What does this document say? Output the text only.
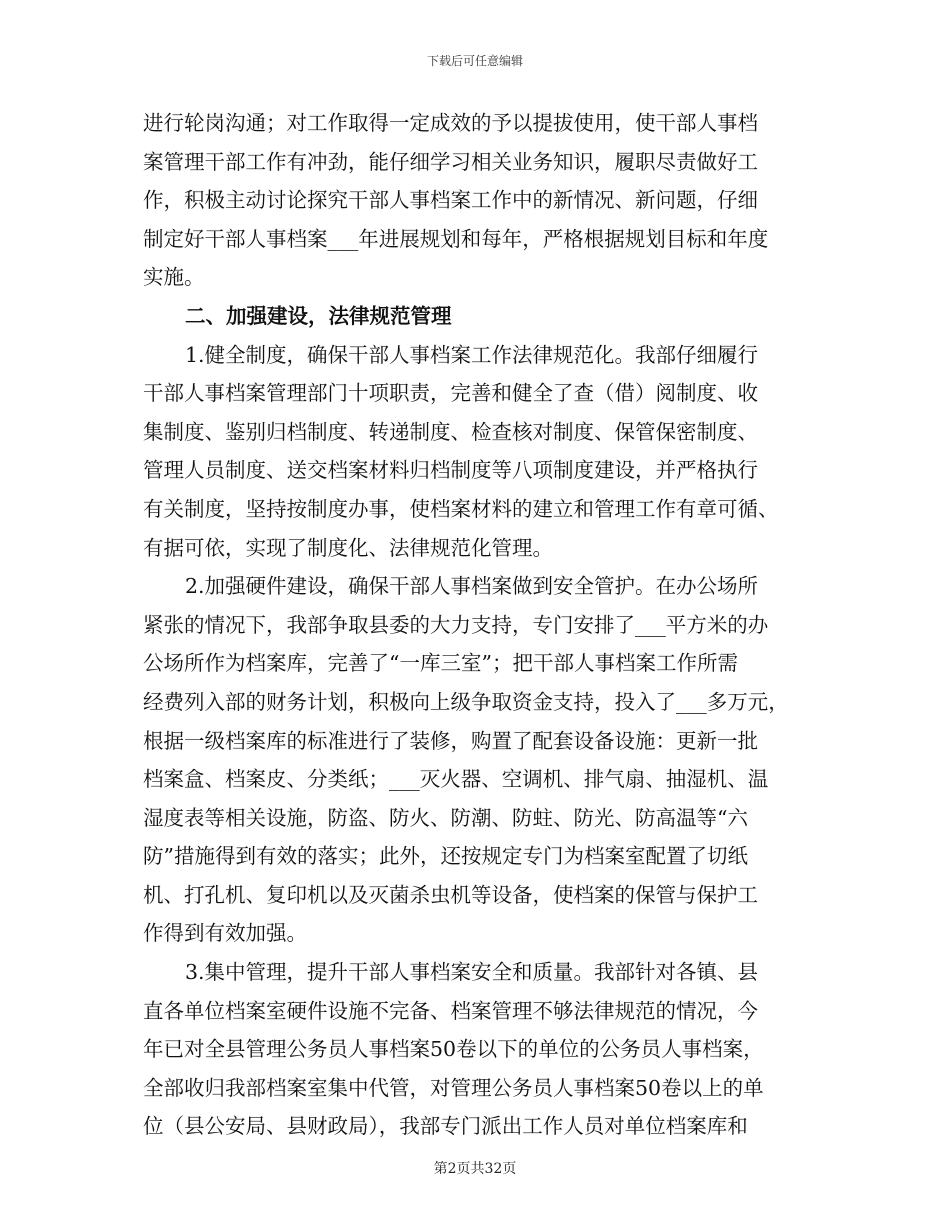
下载后可任意编辑
进行轮岗沟通；对工作取得一定成效的予以提拔使用，使干部人事档
案管理干部工作有冲劲，能仔细学习相关业务知识，履职尽责做好工
作，积极主动讨论探究干部人事档案工作中的新情况、新问题，仔细
制定好干部人事档案___年进展规划和每年，严格根据规划目标和年度
实施。
二、加强建设，法律规范管理
1.健全制度，确保干部人事档案工作法律规范化。我部仔细履行
干部人事档案管理部门十项职责，完善和健全了查（借）阅制度、收
集制度、鉴别归档制度、转递制度、检查核对制度、保管保密制度、
管理人员制度、送交档案材料归档制度等八项制度建设，并严格执行
有关制度，坚持按制度办事，使档案材料的建立和管理工作有章可循、
有据可依，实现了制度化、法律规范化管理。
2.加强硬件建设，确保干部人事档案做到安全管护。在办公场所
紧张的情况下，我部争取县委的大力支持，专门安排了___平方米的办
公场所作为档案库，完善了“一库三室”；把干部人事档案工作所需
经费列入部的财务计划，积极向上级争取资金支持，投入了___多万元，
根据一级档案库的标准进行了装修，购置了配套设备设施：更新一批
档案盒、档案皮、分类纸；___灭火器、空调机、排气扇、抽湿机、温
湿度表等相关设施，防盗、防火、防潮、防蛀、防光、防高温等“六
防”措施得到有效的落实；此外，还按规定专门为档案室配置了切纸
机、打孔机、复印机以及灭菌杀虫机等设备，使档案的保管与保护工
作得到有效加强。
3.集中管理，提升干部人事档案安全和质量。我部针对各镇、县
直各单位档案室硬件设施不完备、档案管理不够法律规范的情况，今
年已对全县管理公务员人事档案50卷以下的单位的公务员人事档案，
全部收归我部档案室集中代管，对管理公务员人事档案50卷以上的单
位（县公安局、县财政局），我部专门派出工作人员对单位档案库和
第2页共32页
